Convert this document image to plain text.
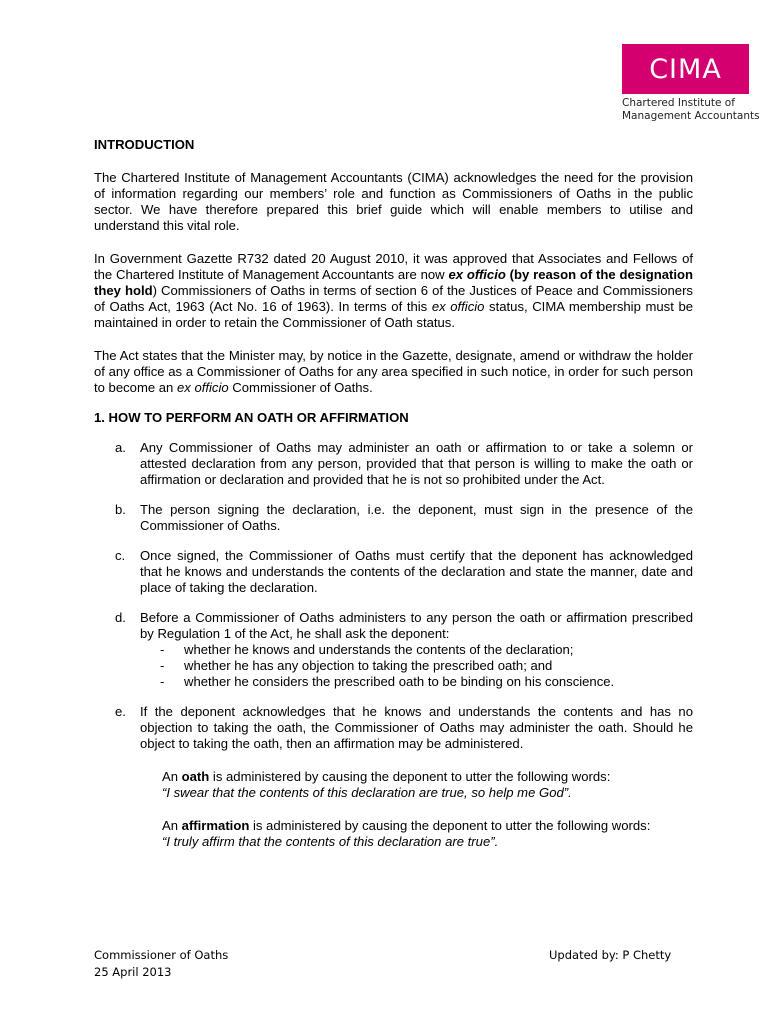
CIMA
Chartered Institute of
Management Accountants

INTRODUCTION

The Chartered Institute of Management Accountants (CIMA) acknowledges the need for the provision of information regarding our members’ role and function as Commissioners of Oaths in the public sector. We have therefore prepared this brief guide which will enable members to utilise and understand this vital role.

In Government Gazette R732 dated 20 August 2010, it was approved that Associates and Fellows of the Chartered Institute of Management Accountants are now ex officio (by reason of the designation they hold) Commissioners of Oaths in terms of section 6 of the Justices of Peace and Commissioners of Oaths Act, 1963 (Act No. 16 of 1963). In terms of this ex officio status, CIMA membership must be maintained in order to retain the Commissioner of Oath status.

The Act states that the Minister may, by notice in the Gazette, designate, amend or withdraw the holder of any office as a Commissioner of Oaths for any area specified in such notice, in order for such person to become an ex officio Commissioner of Oaths.

1. HOW TO PERFORM AN OATH OR AFFIRMATION

a.	Any Commissioner of Oaths may administer an oath or affirmation to or take a solemn or attested declaration from any person, provided that that person is willing to make the oath or affirmation or declaration and provided that he is not so prohibited under the Act.
b.	The person signing the declaration, i.e. the deponent, must sign in the presence of the Commissioner of Oaths.
c.	Once signed, the Commissioner of Oaths must certify that the deponent has acknowledged that he knows and understands the contents of the declaration and state the manner, date and place of taking the declaration.
d.	Before a Commissioner of Oaths administers to any person the oath or affirmation prescribed by Regulation 1 of the Act, he shall ask the deponent:
-	whether he knows and understands the contents of the declaration;
-	whether he has any objection to taking the prescribed oath; and
-	whether he considers the prescribed oath to be binding on his conscience.
e.	If the deponent acknowledges that he knows and understands the contents and has no objection to taking the oath, the Commissioner of Oaths may administer the oath. Should he object to taking the oath, then an affirmation may be administered.

An oath is administered by causing the deponent to utter the following words:

“I swear that the contents of this declaration are true, so help me God”.

An affirmation is administered by causing the deponent to utter the following words:

“I truly affirm that the contents of this declaration are true”.

Commissioner of Oaths
25 April 2013
Updated by: P Chetty
